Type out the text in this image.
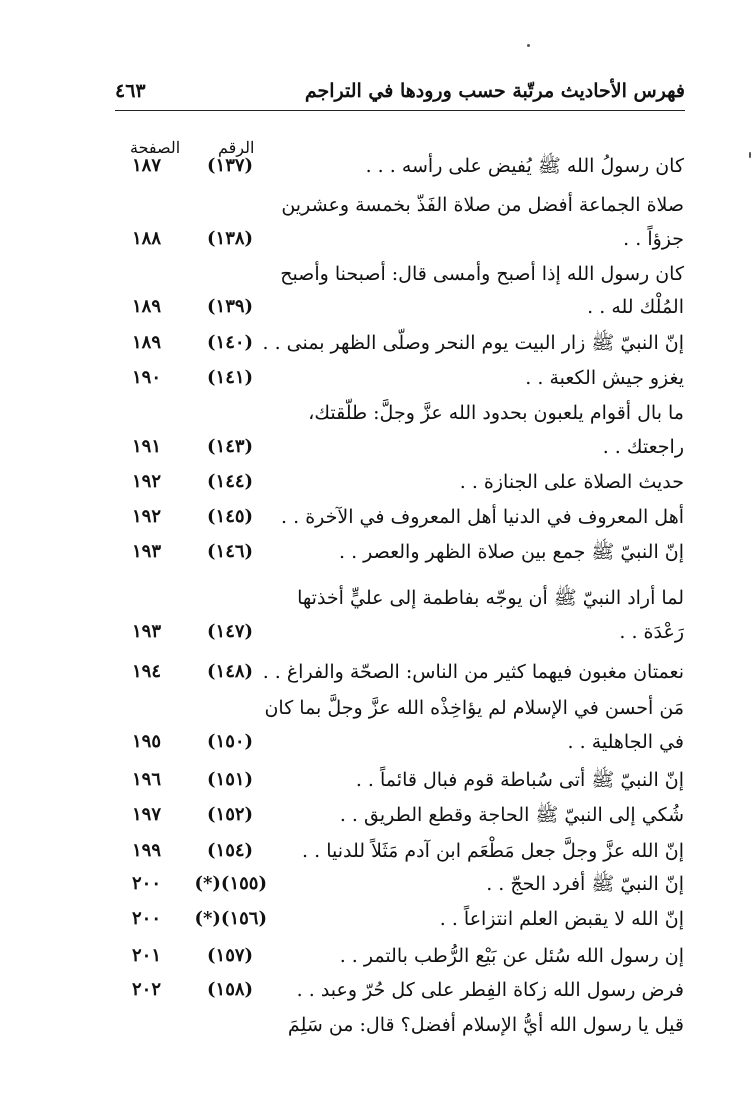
فهرس الأحاديث مرتّبة حسب ورودها في التراجم
٤٦٣
الرقم
الصفحة
كان رسولُ الله ﷺ يُفيض على رأسه . . .
(١٣٧)
١٨٧
صلاة الجماعة أفضل من صلاة الفَذّ بخمسة وعشرين
جزؤاً . .
(١٣٨)
١٨٨
كان رسول الله إذا أصبح وأمسى قال: أصبحنا وأصبح
المُلْك لله . .
(١٣٩)
١٨٩
إنّ النبيّ ﷺ زار البيت يوم النحر وصلّى الظهر بمنى . .
(١٤٠)
١٨٩
يغزو جيش الكعبة . .
(١٤١)
١٩٠
ما بال أقوام يلعبون بحدود الله عزَّ وجلَّ: طلّقتك،
راجعتك . .
(١٤٣)
١٩١
حديث الصلاة على الجنازة . .
(١٤٤)
١٩٢
أهل المعروف في الدنيا أهل المعروف في الآخرة . .
(١٤٥)
١٩٢
إنّ النبيّ ﷺ جمع بين صلاة الظهر والعصر . .
(١٤٦)
١٩٣
لما أراد النبيّ ﷺ أن يوجّه بفاطمة إلى عليٍّ أخذتها
رَعْدَة . .
(١٤٧)
١٩٣
نعمتان مغبون فيهما كثير من الناس: الصحّة والفراغ . .
(١٤٨)
١٩٤
مَن أحسن في الإسلام لم يؤاخِذْه الله عزَّ وجلَّ بما كان
في الجاهلية . .
(١٥٠)
١٩٥
إنّ النبيّ ﷺ أتى سُباطة قوم فبال قائماً . .
(١٥١)
١٩٦
شُكي إلى النبيّ ﷺ الحاجة وقطع الطريق . .
(١٥٢)
١٩٧
إنّ الله عزَّ وجلَّ جعل مَطْعَم ابن آدم مَثَلاً للدنيا . .
(١٥٤)
١٩٩
إنّ النبيّ ﷺ أفرد الحجّ . .
(١٥٥)(*)
٢٠٠
إنّ الله لا يقبض العلم انتزاعاً . .
(١٥٦)(*)
٢٠٠
إن رسول الله سُئل عن بَيْع الرُّطب بالتمر . .
(١٥٧)
٢٠١
فرض رسول الله زكاة الفِطر على كل حُرّ وعبد . .
(١٥٨)
٢٠٢
قيل يا رسول الله أيُّ الإسلام أفضل؟ قال: من سَلِمَ
